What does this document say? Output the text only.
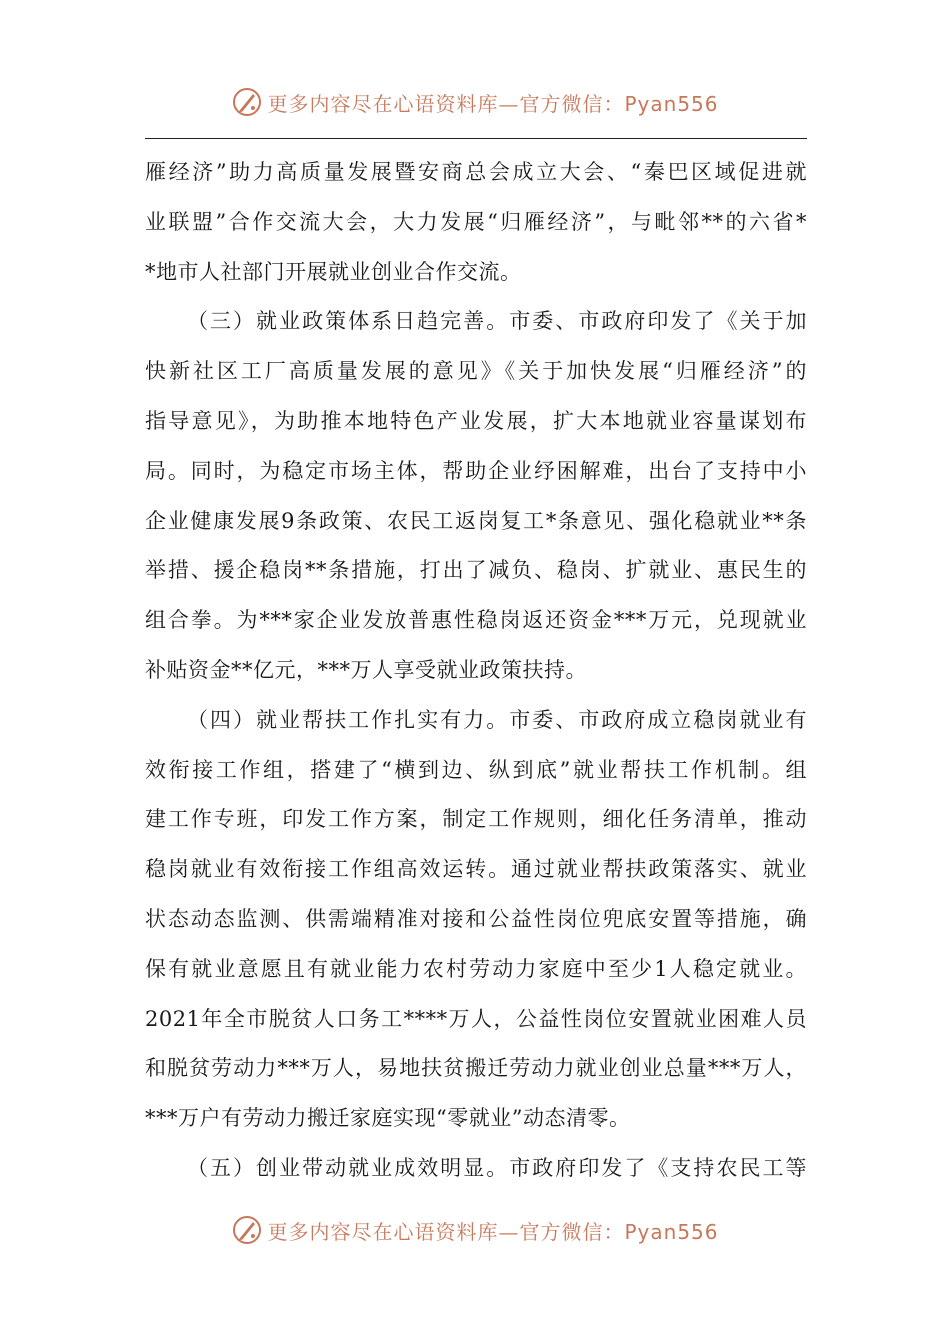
更多内容尽在心语资料库—官方微信：Pyan556
雁经济”助力高质量发展暨安商总会成立大会、“秦巴区域促进就
业联盟”合作交流大会，大力发展“归雁经济”，与毗邻**的六省*
*地市人社部门开展就业创业合作交流。
（三）就业政策体系日趋完善。市委、市政府印发了《关于加
快新社区工厂高质量发展的意见》《关于加快发展“归雁经济”的
指导意见》，为助推本地特色产业发展，扩大本地就业容量谋划布
局。同时，为稳定市场主体，帮助企业纾困解难，出台了支持中小
企业健康发展9条政策、农民工返岗复工*条意见、强化稳就业**条
举措、援企稳岗**条措施，打出了减负、稳岗、扩就业、惠民生的
组合拳。为***家企业发放普惠性稳岗返还资金***万元，兑现就业
补贴资金**亿元，***万人享受就业政策扶持。
（四）就业帮扶工作扎实有力。市委、市政府成立稳岗就业有
效衔接工作组，搭建了“横到边、纵到底”就业帮扶工作机制。组
建工作专班，印发工作方案，制定工作规则，细化任务清单，推动
稳岗就业有效衔接工作组高效运转。通过就业帮扶政策落实、就业
状态动态监测、供需端精准对接和公益性岗位兜底安置等措施，确
保有就业意愿且有就业能力农村劳动力家庭中至少1人稳定就业。
2021年全市脱贫人口务工****万人，公益性岗位安置就业困难人员
和脱贫劳动力***万人，易地扶贫搬迁劳动力就业创业总量***万人，
***万户有劳动力搬迁家庭实现“零就业”动态清零。
（五）创业带动就业成效明显。市政府印发了《支持农民工等
更多内容尽在心语资料库—官方微信：Pyan556
